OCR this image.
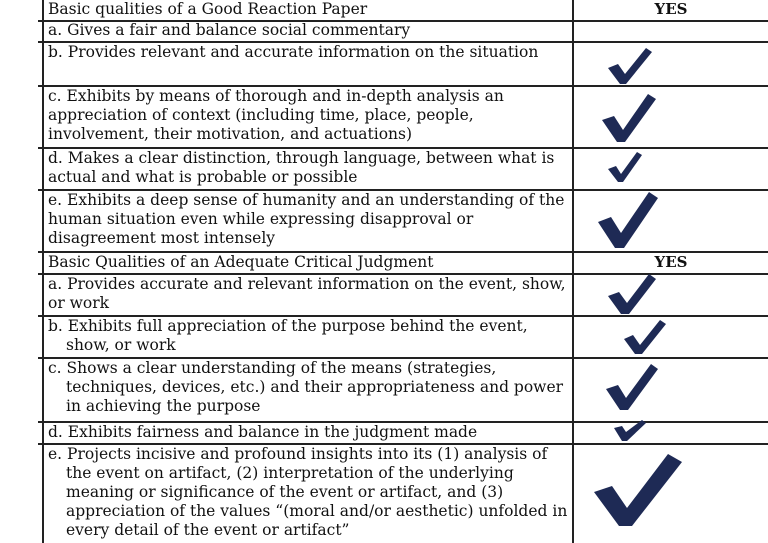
Basic qualities of a Good Reaction Paper	YES
a. Gives a fair and balance social commentary
b. Provides relevant and accurate information on the situation
c. Exhibits by means of thorough and in-depth analysis an appreciation of context (including time, place, people, involvement, their motivation, and actuations)
d. Makes a clear distinction, through language, between what is actual and what is probable or possible
e. Exhibits a deep sense of humanity and an understanding of the human situation even while expressing disapproval or disagreement most intensely
Basic Qualities of an Adequate Critical Judgment	YES
a. Provides accurate and relevant information on the event, show, or work
b. Exhibits full appreciation of the purpose behind the event, show, or work
c. Shows a clear understanding of the means (strategies, techniques, devices, etc.) and their appropriateness and power in achieving the purpose
d. Exhibits fairness and balance in the judgment made
e. Projects incisive and profound insights into its (1) analysis of the event on artifact, (2) interpretation of the underlying meaning or significance of the event or artifact, and (3) appreciation of the values “(moral and/or aesthetic) unfolded in every detail of the event or artifact”
